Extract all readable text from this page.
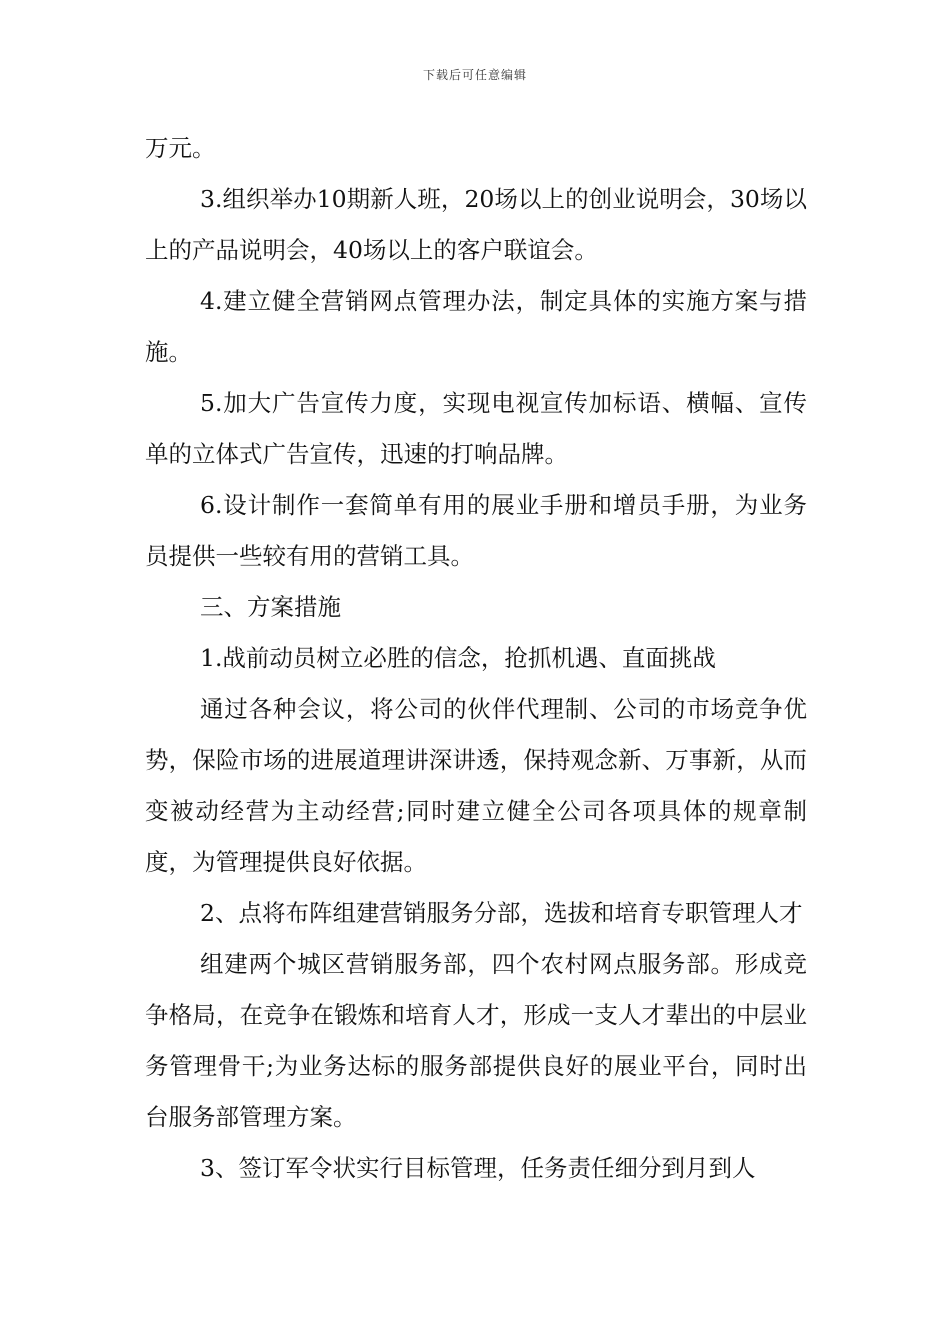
下载后可任意编辑

万元。

3.组织举办10期新人班，20场以上的创业说明会，30场以上的产品说明会，40场以上的客户联谊会。

4.建立健全营销网点管理办法，制定具体的实施方案与措施。

5.加大广告宣传力度，实现电视宣传加标语、横幅、宣传单的立体式广告宣传，迅速的打响品牌。

6.设计制作一套简单有用的展业手册和增员手册，为业务员提供一些较有用的营销工具。

三、方案措施

1.战前动员树立必胜的信念，抢抓机遇、直面挑战

通过各种会议，将公司的伙伴代理制、公司的市场竞争优势，保险市场的进展道理讲深讲透，保持观念新、万事新，从而变被动经营为主动经营;同时建立健全公司各项具体的规章制度，为管理提供良好依据。

2、点将布阵组建营销服务分部，选拔和培育专职管理人才

组建两个城区营销服务部，四个农村网点服务部。形成竞争格局，在竞争在锻炼和培育人才，形成一支人才辈出的中层业务管理骨干;为业务达标的服务部提供良好的展业平台，同时出台服务部管理方案。

3、签订军令状实行目标管理，任务责任细分到月到人
